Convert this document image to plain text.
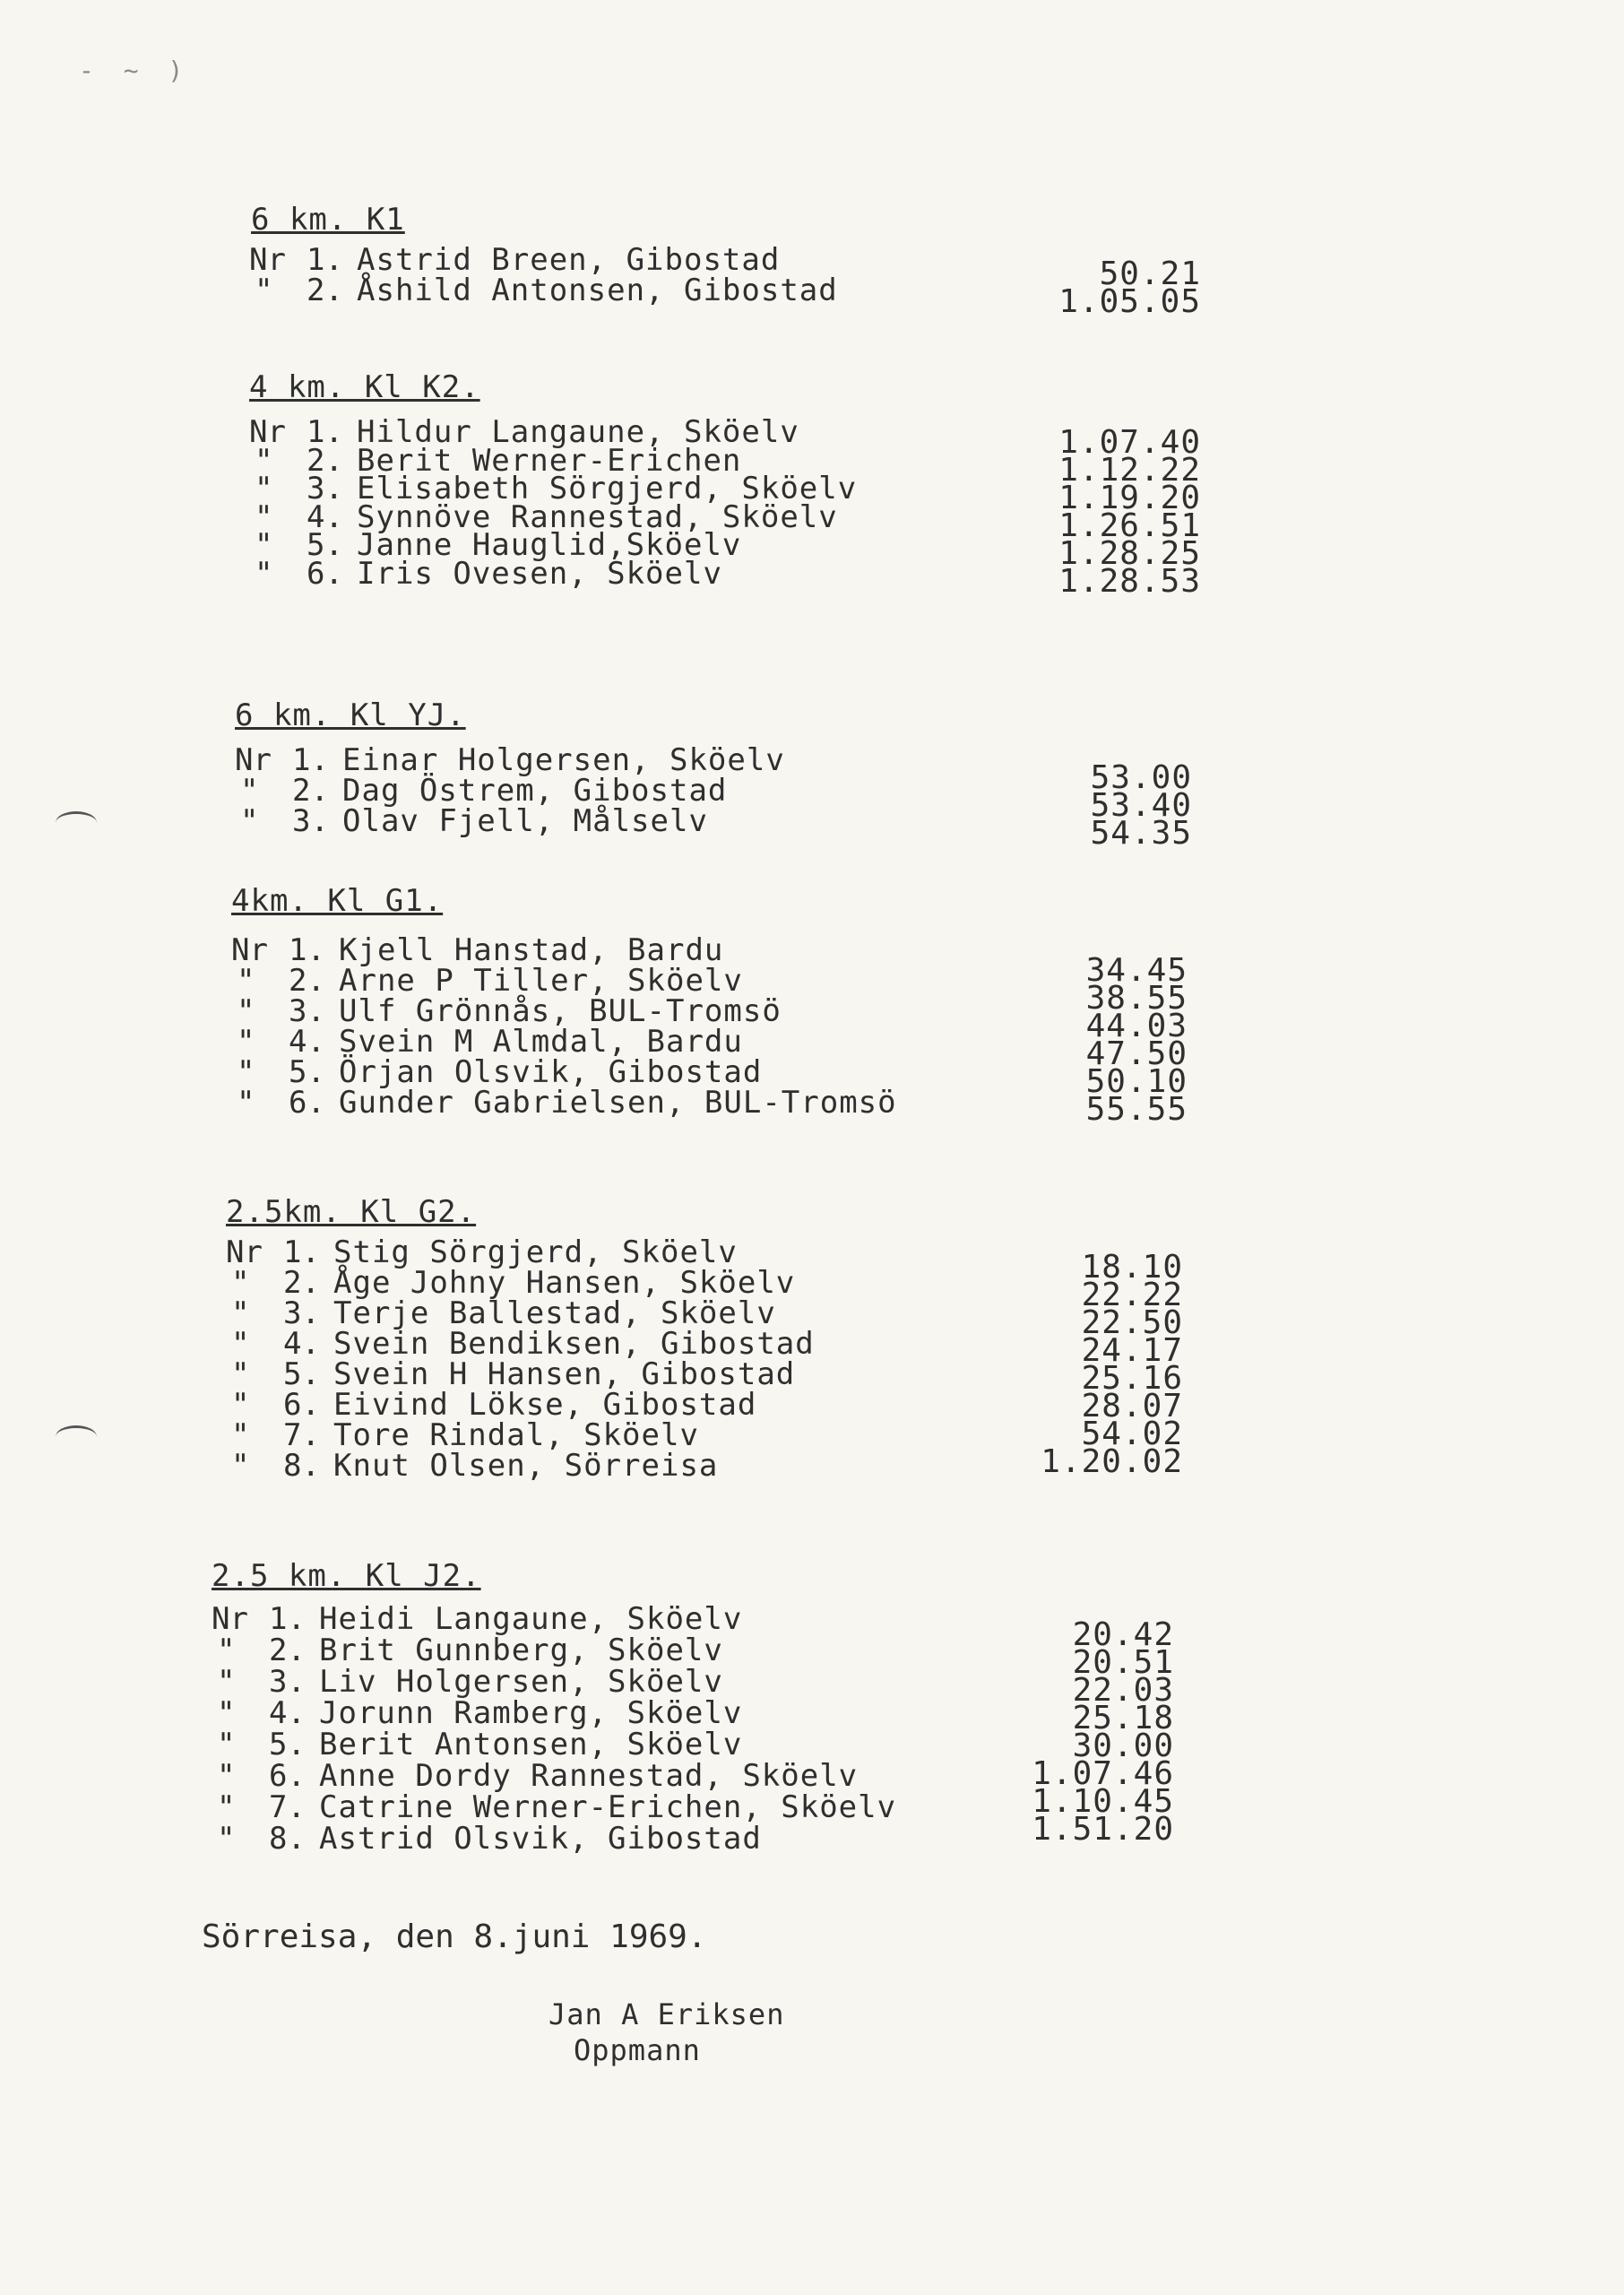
- ~ )
6 km. K1
Nr 1. Astrid Breen, Gibostad
" 2. Åshild Antonsen, Gibostad	50.21
1.05.05
4 km. Kl K2.
Nr 1. Hildur Langaune, Sköelv
" 2. Berit Werner-Erichen
" 3. Elisabeth Sörgjerd, Sköelv
" 4. Synnöve Rannestad, Sköelv
" 5. Janne Hauglid,Sköelv
" 6. Iris Ovesen, Sköelv
1.07.40
1.12.22
1.19.20
1.26.51
1.28.25
1.28.53
6 km. Kl YJ.
Nr 1. Einar Holgersen, Sköelv
" 2. Dag Östrem, Gibostad
" 3. Olav Fjell, Målselv
53.00
53.40
54.35
4km. Kl G1.
Nr 1. Kjell Hanstad, Bardu
" 2. Arne P Tiller, Sköelv
" 3. Ulf Grönnås, BUL-Tromsö
" 4. Svein M Almdal, Bardu
" 5. Örjan Olsvik, Gibostad
" 6. Gunder Gabrielsen, BUL-Tromsö
34.45
38.55
44.03
47.50
50.10
55.55
2.5km. Kl G2.
Nr 1. Stig Sörgjerd, Sköelv
" 2. Åge Johny Hansen, Sköelv
" 3. Terje Ballestad, Sköelv
" 4. Svein Bendiksen, Gibostad
" 5. Svein H Hansen, Gibostad
" 6. Eivind Lökse, Gibostad
" 7. Tore Rindal, Sköelv
" 8. Knut Olsen, Sörreisa
18.10
22.22
22.50
24.17
25.16
28.07
54.02
1.20.02
2.5 km. Kl J2.
Nr 1. Heidi Langaune, Sköelv
" 2. Brit Gunnberg, Sköelv
" 3. Liv Holgersen, Sköelv
" 4. Jorunn Ramberg, Sköelv
" 5. Berit Antonsen, Sköelv
" 6. Anne Dordy Rannestad, Sköelv
" 7. Catrine Werner-Erichen, Sköelv
" 8. Astrid Olsvik, Gibostad
20.42
20.51
22.03
25.18
30.00
1.07.46
1.10.45
1.51.20
Sörreisa, den 8.juni 1969.
Jan A Eriksen
Oppmann
